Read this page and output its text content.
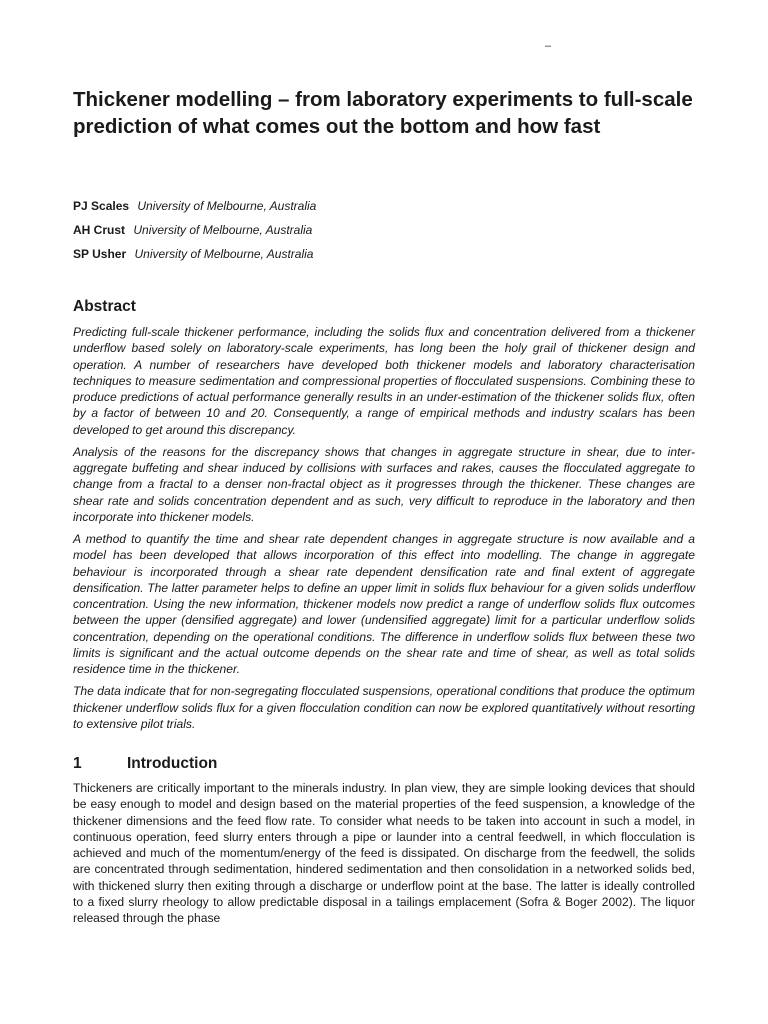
–
Thickener modelling – from laboratory experiments to full-scale prediction of what comes out the bottom and how fast
PJ Scales University of Melbourne, Australia
AH Crust University of Melbourne, Australia
SP Usher University of Melbourne, Australia
Abstract

Predicting full-scale thickener performance, including the solids flux and concentration delivered from a thickener underflow based solely on laboratory-scale experiments, has long been the holy grail of thickener design and operation. A number of researchers have developed both thickener models and laboratory characterisation techniques to measure sedimentation and compressional properties of flocculated suspensions. Combining these to produce predictions of actual performance generally results in an under-estimation of the thickener solids flux, often by a factor of between 10 and 20. Consequently, a range of empirical methods and industry scalars has been developed to get around this discrepancy.

Analysis of the reasons for the discrepancy shows that changes in aggregate structure in shear, due to inter-aggregate buffeting and shear induced by collisions with surfaces and rakes, causes the flocculated aggregate to change from a fractal to a denser non-fractal object as it progresses through the thickener. These changes are shear rate and solids concentration dependent and as such, very difficult to reproduce in the laboratory and then incorporate into thickener models.

A method to quantify the time and shear rate dependent changes in aggregate structure is now available and a model has been developed that allows incorporation of this effect into modelling. The change in aggregate behaviour is incorporated through a shear rate dependent densification rate and final extent of aggregate densification. The latter parameter helps to define an upper limit in solids flux behaviour for a given solids underflow concentration. Using the new information, thickener models now predict a range of underflow solids flux outcomes between the upper (densified aggregate) and lower (undensified aggregate) limit for a particular underflow solids concentration, depending on the operational conditions. The difference in underflow solids flux between these two limits is significant and the actual outcome depends on the shear rate and time of shear, as well as total solids residence time in the thickener.

The data indicate that for non-segregating flocculated suspensions, operational conditions that produce the optimum thickener underflow solids flux for a given flocculation condition can now be explored quantitatively without resorting to extensive pilot trials.

1	Introduction

Thickeners are critically important to the minerals industry. In plan view, they are simple looking devices that should be easy enough to model and design based on the material properties of the feed suspension, a knowledge of the thickener dimensions and the feed flow rate. To consider what needs to be taken into account in such a model, in continuous operation, feed slurry enters through a pipe or launder into a central feedwell, in which flocculation is achieved and much of the momentum/energy of the feed is dissipated. On discharge from the feedwell, the solids are concentrated through sedimentation, hindered sedimentation and then consolidation in a networked solids bed, with thickened slurry then exiting through a discharge or underflow point at the base. The latter is ideally controlled to a fixed slurry rheology to allow predictable disposal in a tailings emplacement (Sofra & Boger 2002). The liquor released through the phase
